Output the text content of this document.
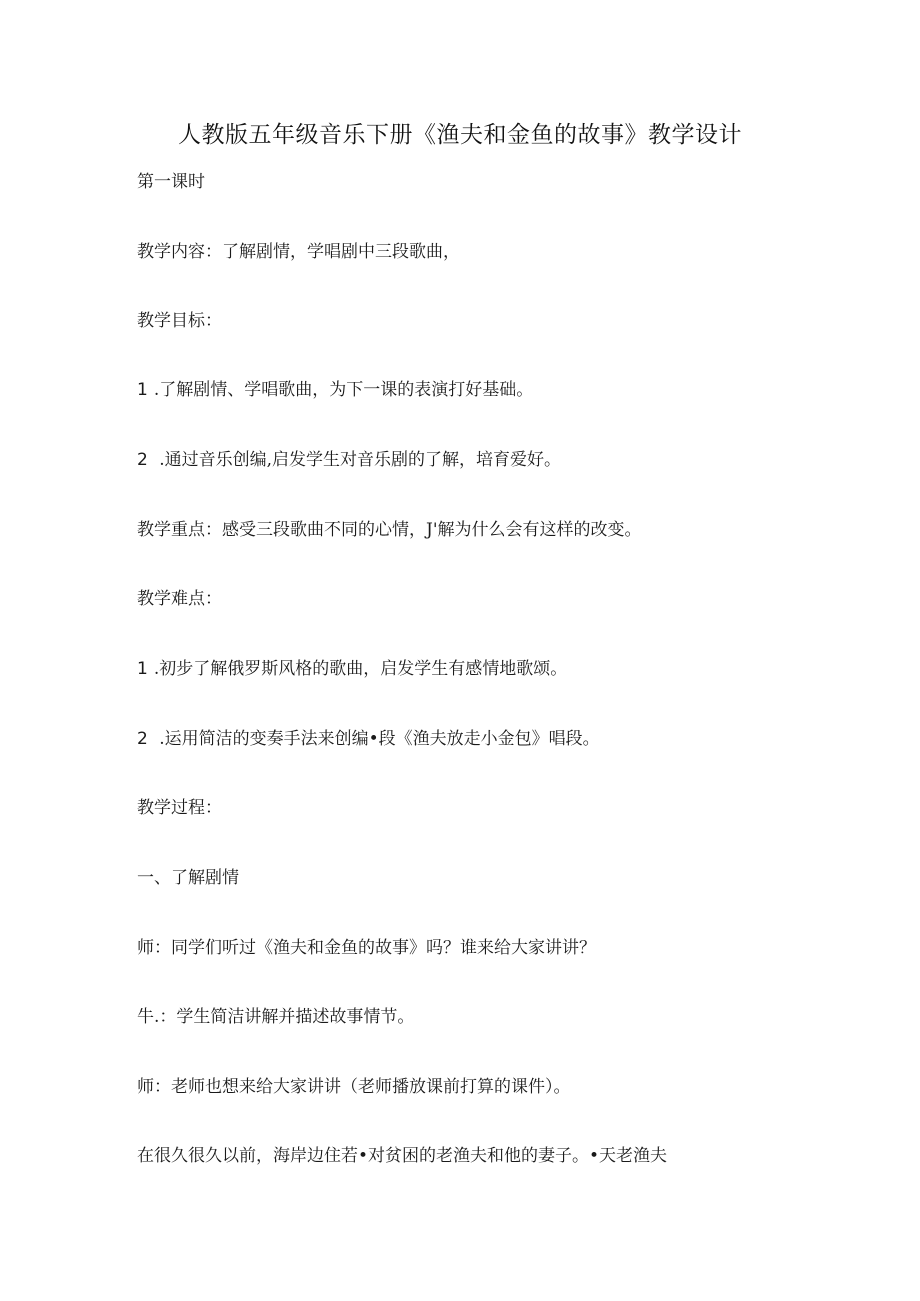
人教版五年级音乐下册《渔夫和金鱼的故事》教学设计
第一课时
教学内容：了解剧情，学唱剧中三段歌曲，
教学目标：
1 .了解剧情、学唱歌曲，为下一课的表演打好基础。
2 .通过音乐创编,启发学生对音乐剧的了解，培育爱好。
教学重点：感受三段歌曲不同的心情，J'解为什么会有这样的改变。
教学难点：
1 .初步了解俄罗斯风格的歌曲，启发学生有感情地歌颂。
2 .运用简洁的变奏手法来创编•段《渔夫放走小金包》唱段。
教学过程：
一、了解剧情
师：同学们听过《渔夫和金鱼的故事》吗？谁来给大家讲讲？
牛.：学生简洁讲解并描述故事情节。
师：老师也想来给大家讲讲（老师播放课前打算的课件）。
在很久很久以前，海岸边住若•对贫困的老渔夫和他的妻子。•天老渔夫
